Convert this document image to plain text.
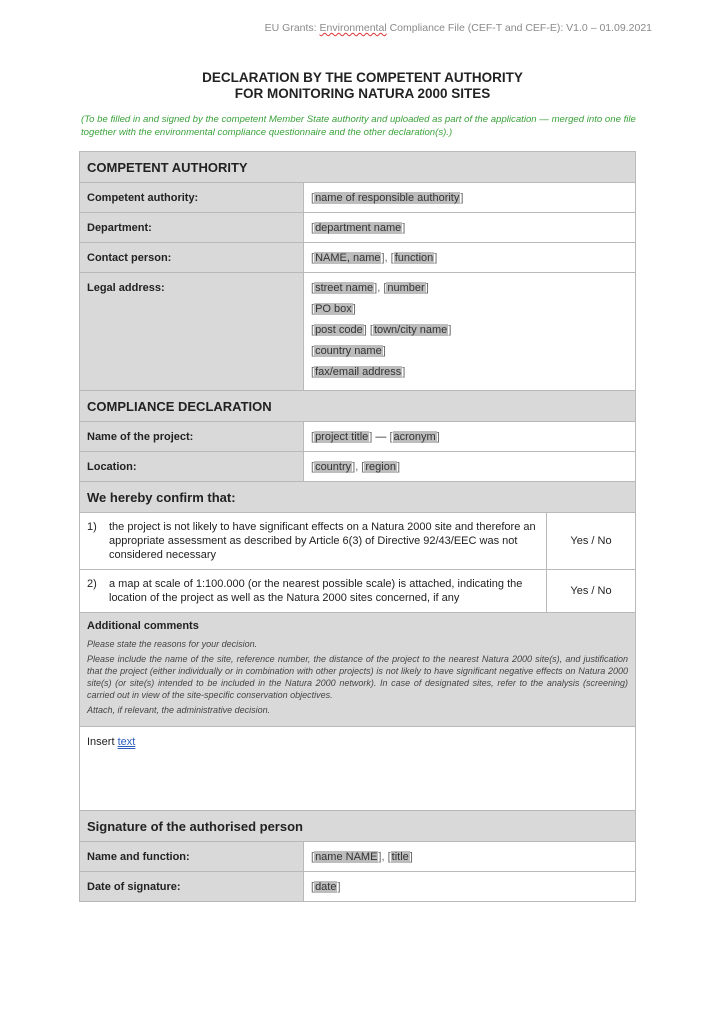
EU Grants: Environmental Compliance File (CEF-T and CEF-E): V1.0 – 01.09.2021
DECLARATION BY THE COMPETENT AUTHORITY
FOR MONITORING NATURA 2000 SITES
(To be filled in and signed by the competent Member State authority and uploaded as part of the application — merged into one file together with the environmental compliance questionnaire and the other declaration(s).)
COMPETENT AUTHORITY		
Competent authority:	[name of responsible authority]	
Department:	[department name]	
Contact person:	[NAME, name], [function]	
Legal address:	[street name], [number]
[PO box]
[post code] [town/city name]
[country name]
[fax/email address]	

COMPLIANCE DECLARATION		
Name of the project:	[project title] — [acronym]	
Location:	[country], [region]	
We hereby confirm that:		
1) the project is not likely to have significant effects on a Natura 2000 site and therefore an appropriate assessment as described by Article 6(3) of Directive 92/43/EEC was not considered necessary		Yes / No
2) a map at scale of 1:100.000 (or the nearest possible scale) is attached, indicating the location of the project as well as the Natura 2000 sites concerned, if any		Yes / No

Additional comments

Please state the reasons for your decision.

Please include the name of the site, reference number, the distance of the project to the nearest Natura 2000 site(s), and justification that the project (either individually or in combination with other projects) is not likely to have significant negative effects on Natura 2000 site(s) (or site(s) intended to be included in the Natura 2000 network). In case of designated sites, refer to the analysis (screening) carried out in view of the site-specific conservation objectives.

Attach, if relevant, the administrative decision.		

Insert text		
Signature of the authorised person		
Name and function:	[name NAME], [title]	
Date of signature:	[date]	
